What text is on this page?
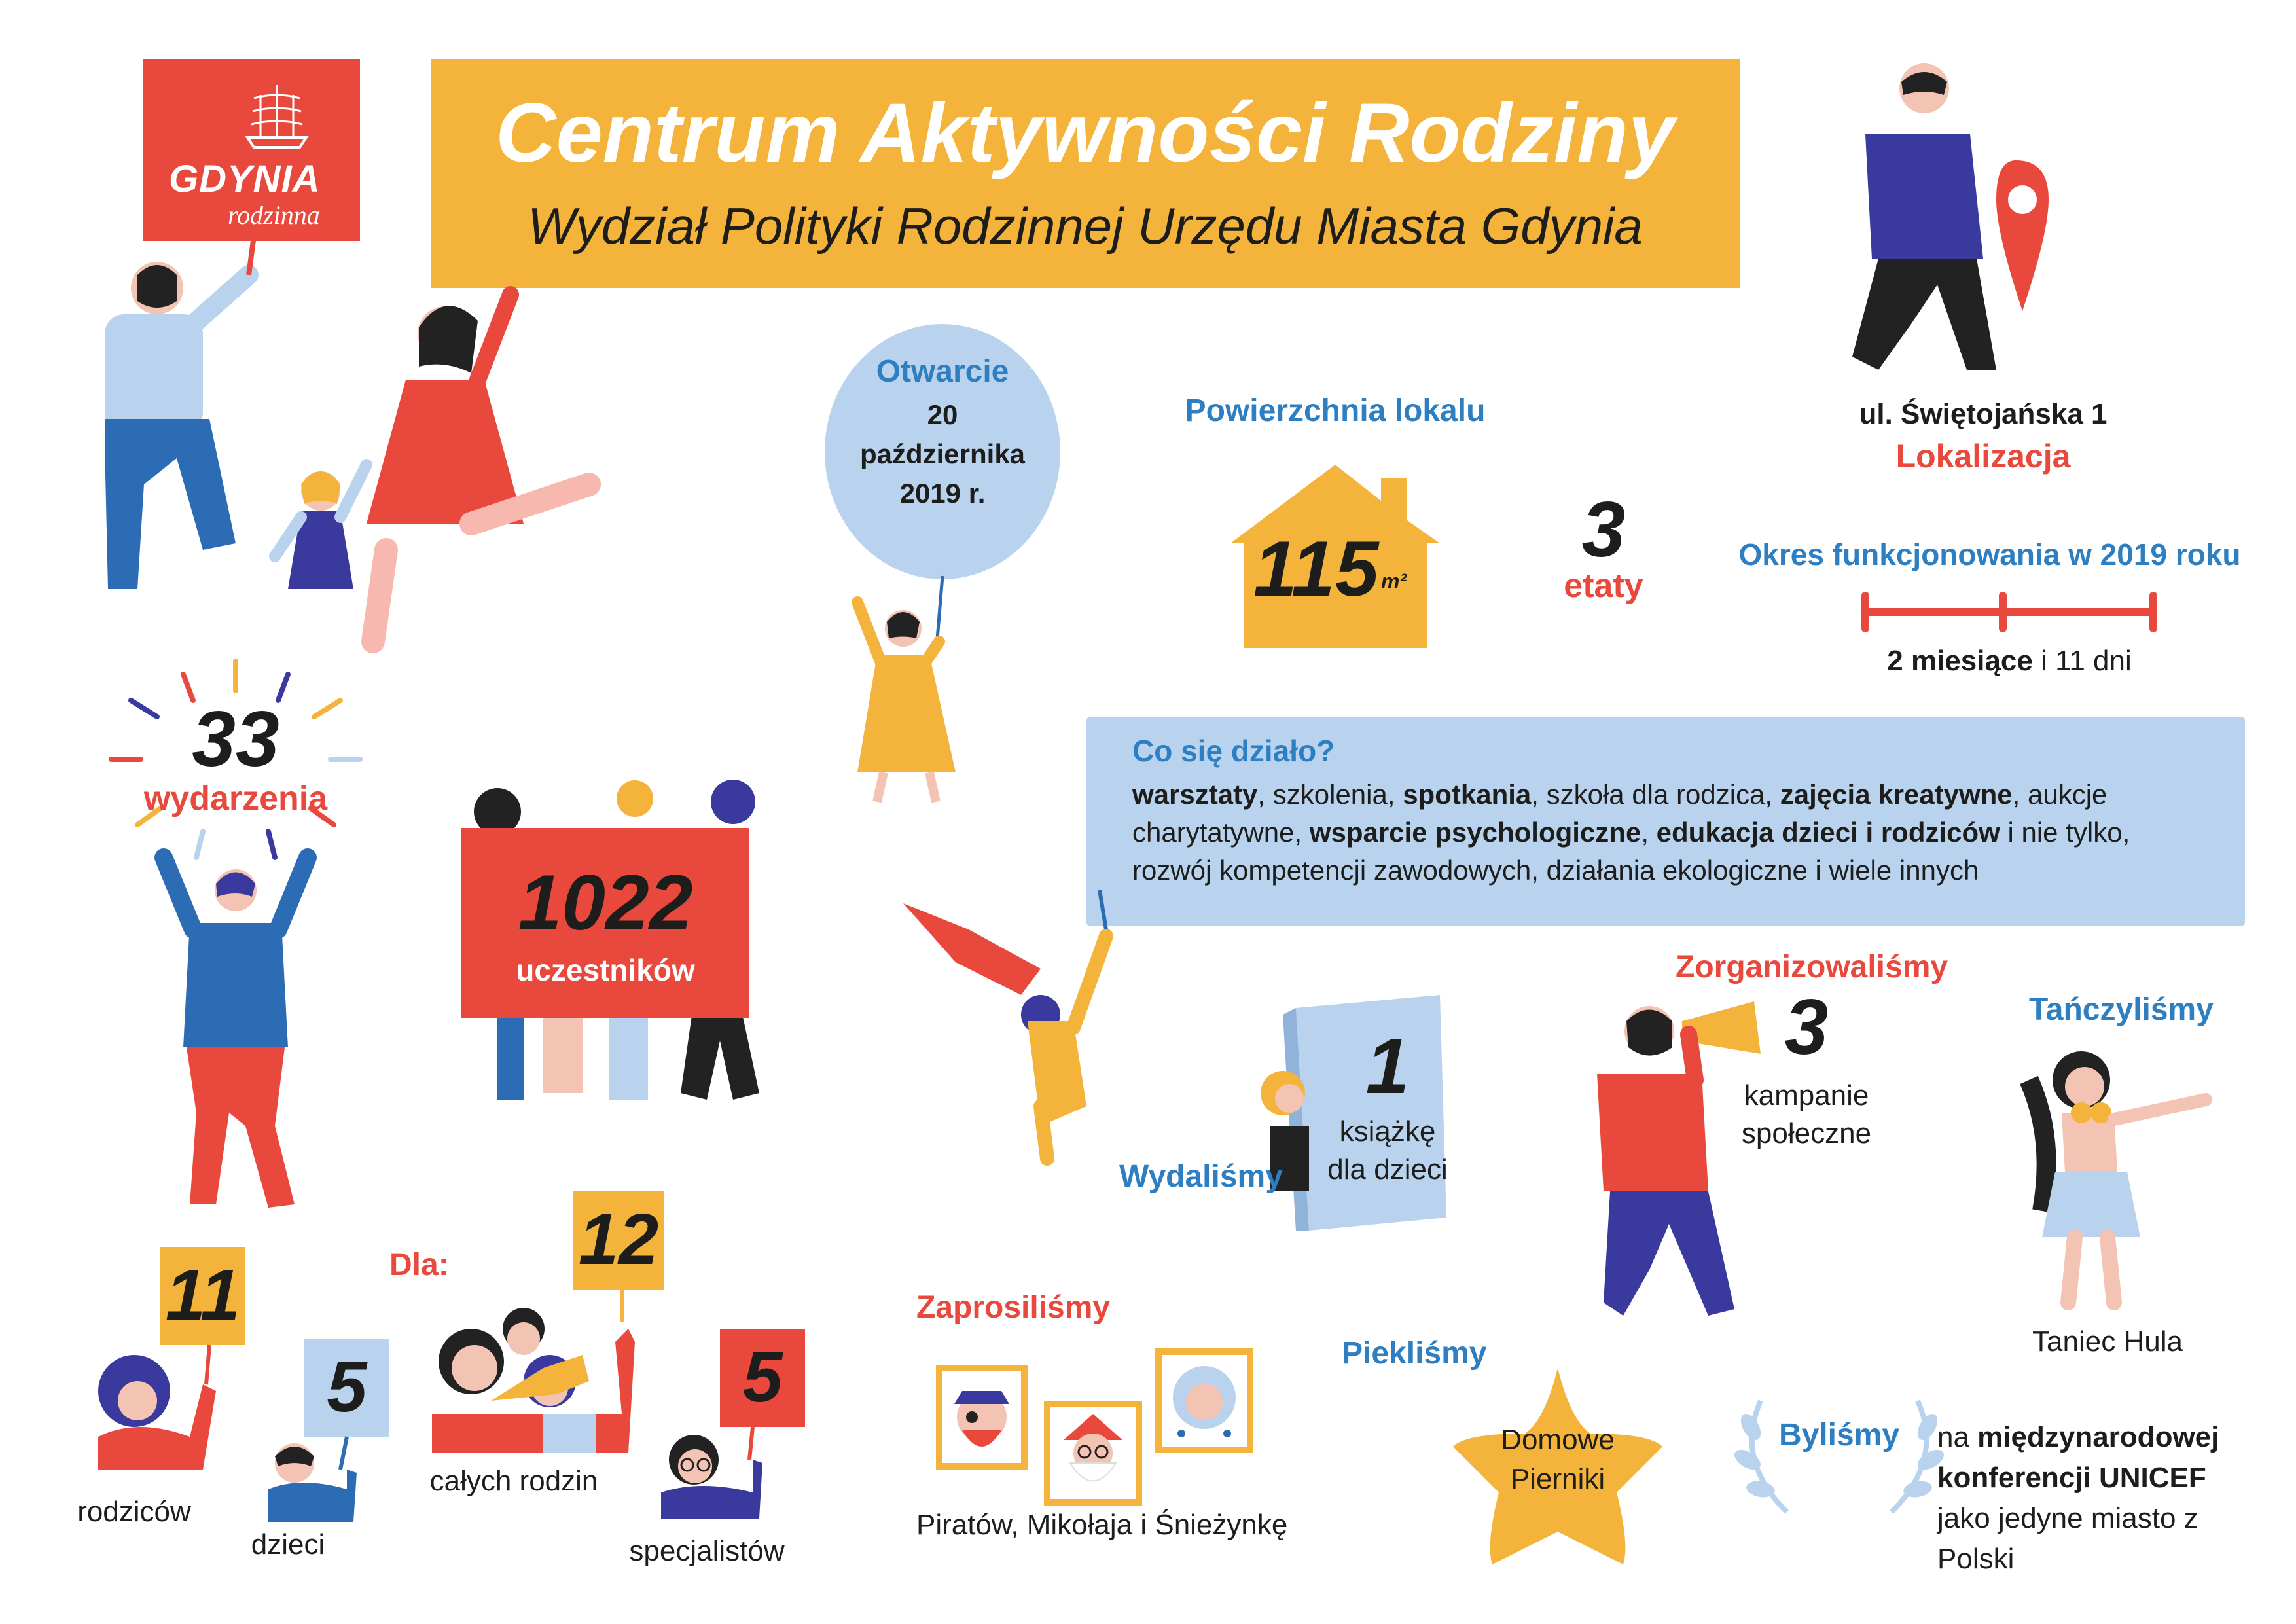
GDYNIA
rodzinna
Centrum Aktywności Rodziny
Wydział Polityki Rodzinnej Urzędu Miasta Gdynia
Otwarcie
20
października
2019 r.
Powierzchnia lokalu
115 m²
3
etaty
ul. Świętojańska 1
Lokalizacja
Okres funkcjonowania w 2019 roku
2 miesiące i 11 dni
33
wydarzenia
1022
uczestników
Co się działo?
warsztaty, szkolenia, spotkania, szkoła dla rodzica, zajęcia kreatywne, aukcje charytatywne, wsparcie psychologiczne, edukacja dzieci i rodziców i nie tylko, rozwój kompetencji zawodowych, działania ekologiczne i wiele innych
Dla:
11
rodziców
5
dzieci
12
całych rodzin
5
specjalistów
1
książkę dla dzieci
Wydaliśmy
Zorganizowaliśmy
3
kampanie społeczne
Tańczyliśmy
Taniec Hula
Zaprosiliśmy
Piratów, Mikołaja i Śnieżynkę
Piekliśmy
Domowe Pierniki
Byliśmy	na międzynarodowej konferencji UNICEF
jako jedyne miasto z Polski
